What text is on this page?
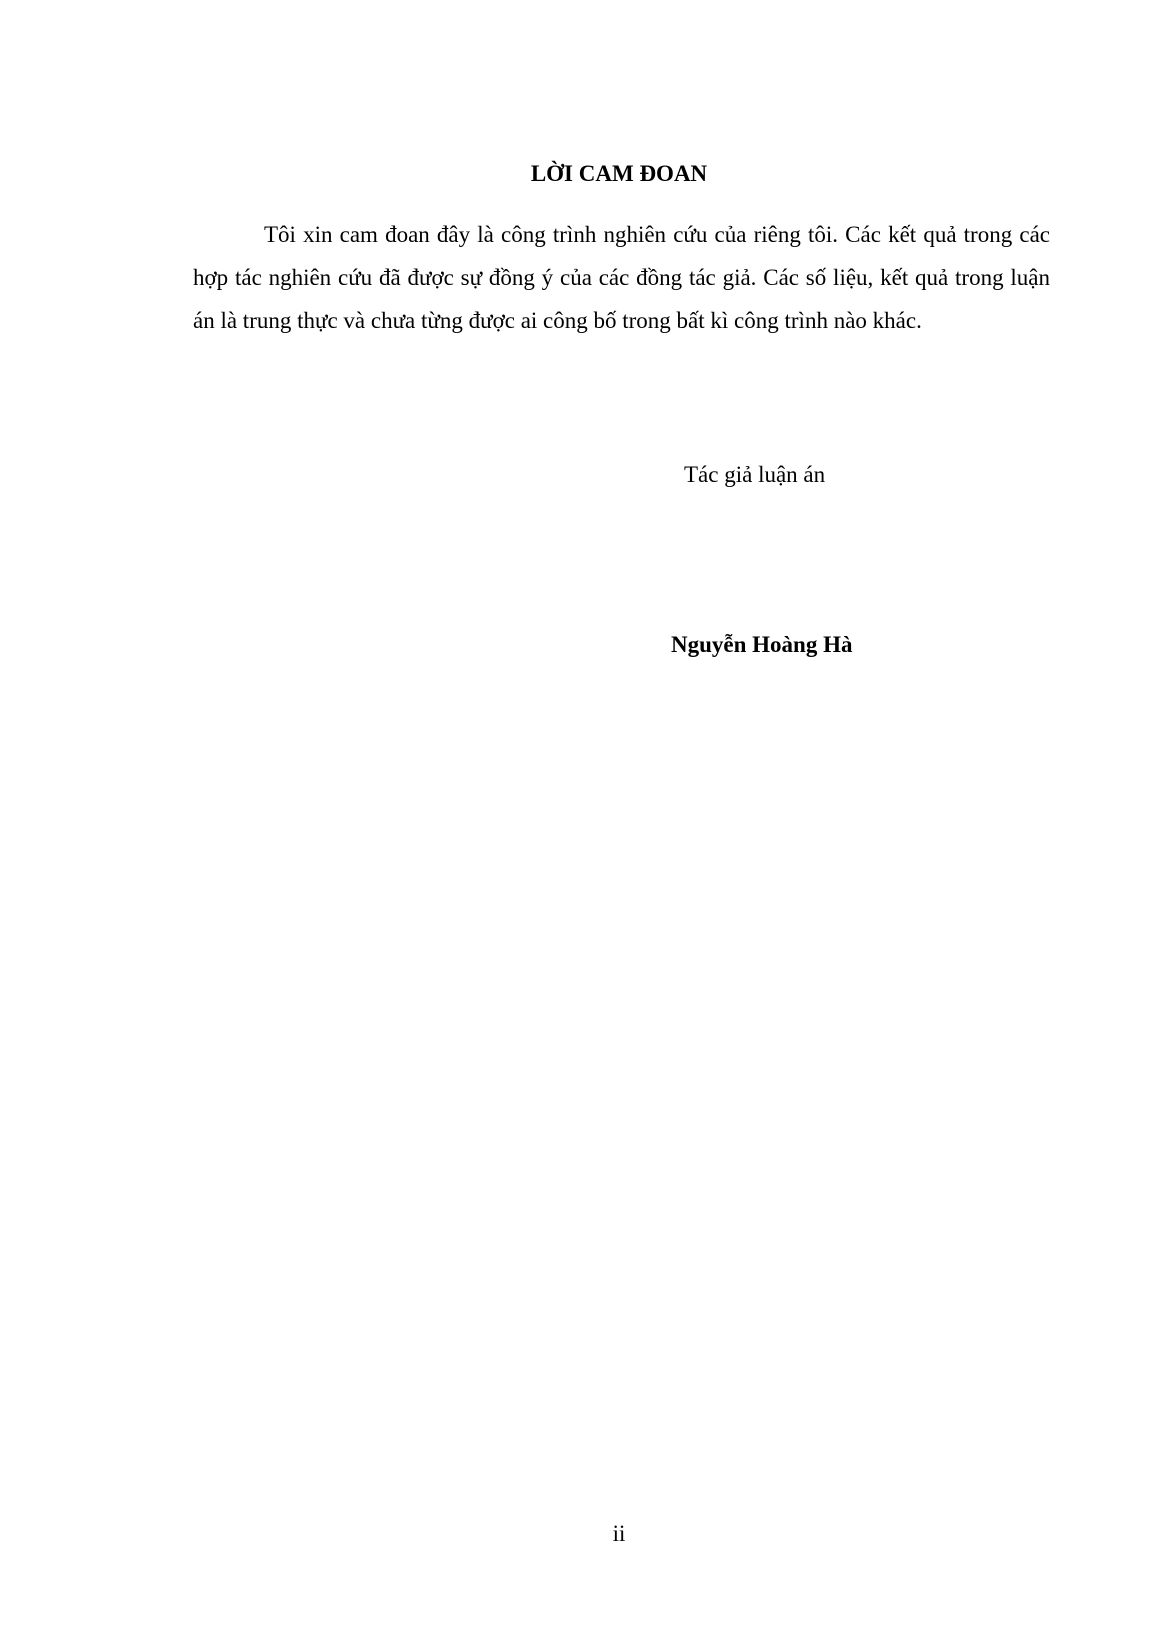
LỜI CAM ĐOAN

Tôi xin cam đoan đây là công trình nghiên cứu của riêng tôi. Các kết quả trong các hợp tác nghiên cứu đã được sự đồng ý của các đồng tác giả. Các số liệu, kết quả trong luận án là trung thực và chưa từng được ai công bố trong bất kì công trình nào khác.

Tác giả luận án

Nguyễn Hoàng Hà

ii
